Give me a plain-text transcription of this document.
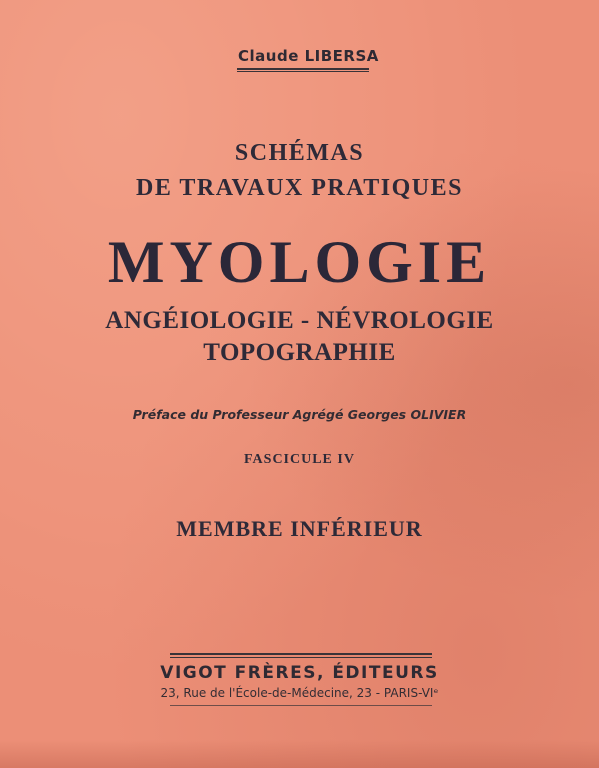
Claude LIBERSA
SCHÉMAS
DE TRAVAUX PRATIQUES
MYOLOGIE
ANGÉIOLOGIE - NÉVROLOGIE
TOPOGRAPHIE
Préface du Professeur Agrégé Georges OLIVIER
FASCICULE IV
MEMBRE INFÉRIEUR
VIGOT FRÈRES, ÉDITEURS
23, Rue de l'École-de-Médecine, 23 - PARIS-VIᵉ
